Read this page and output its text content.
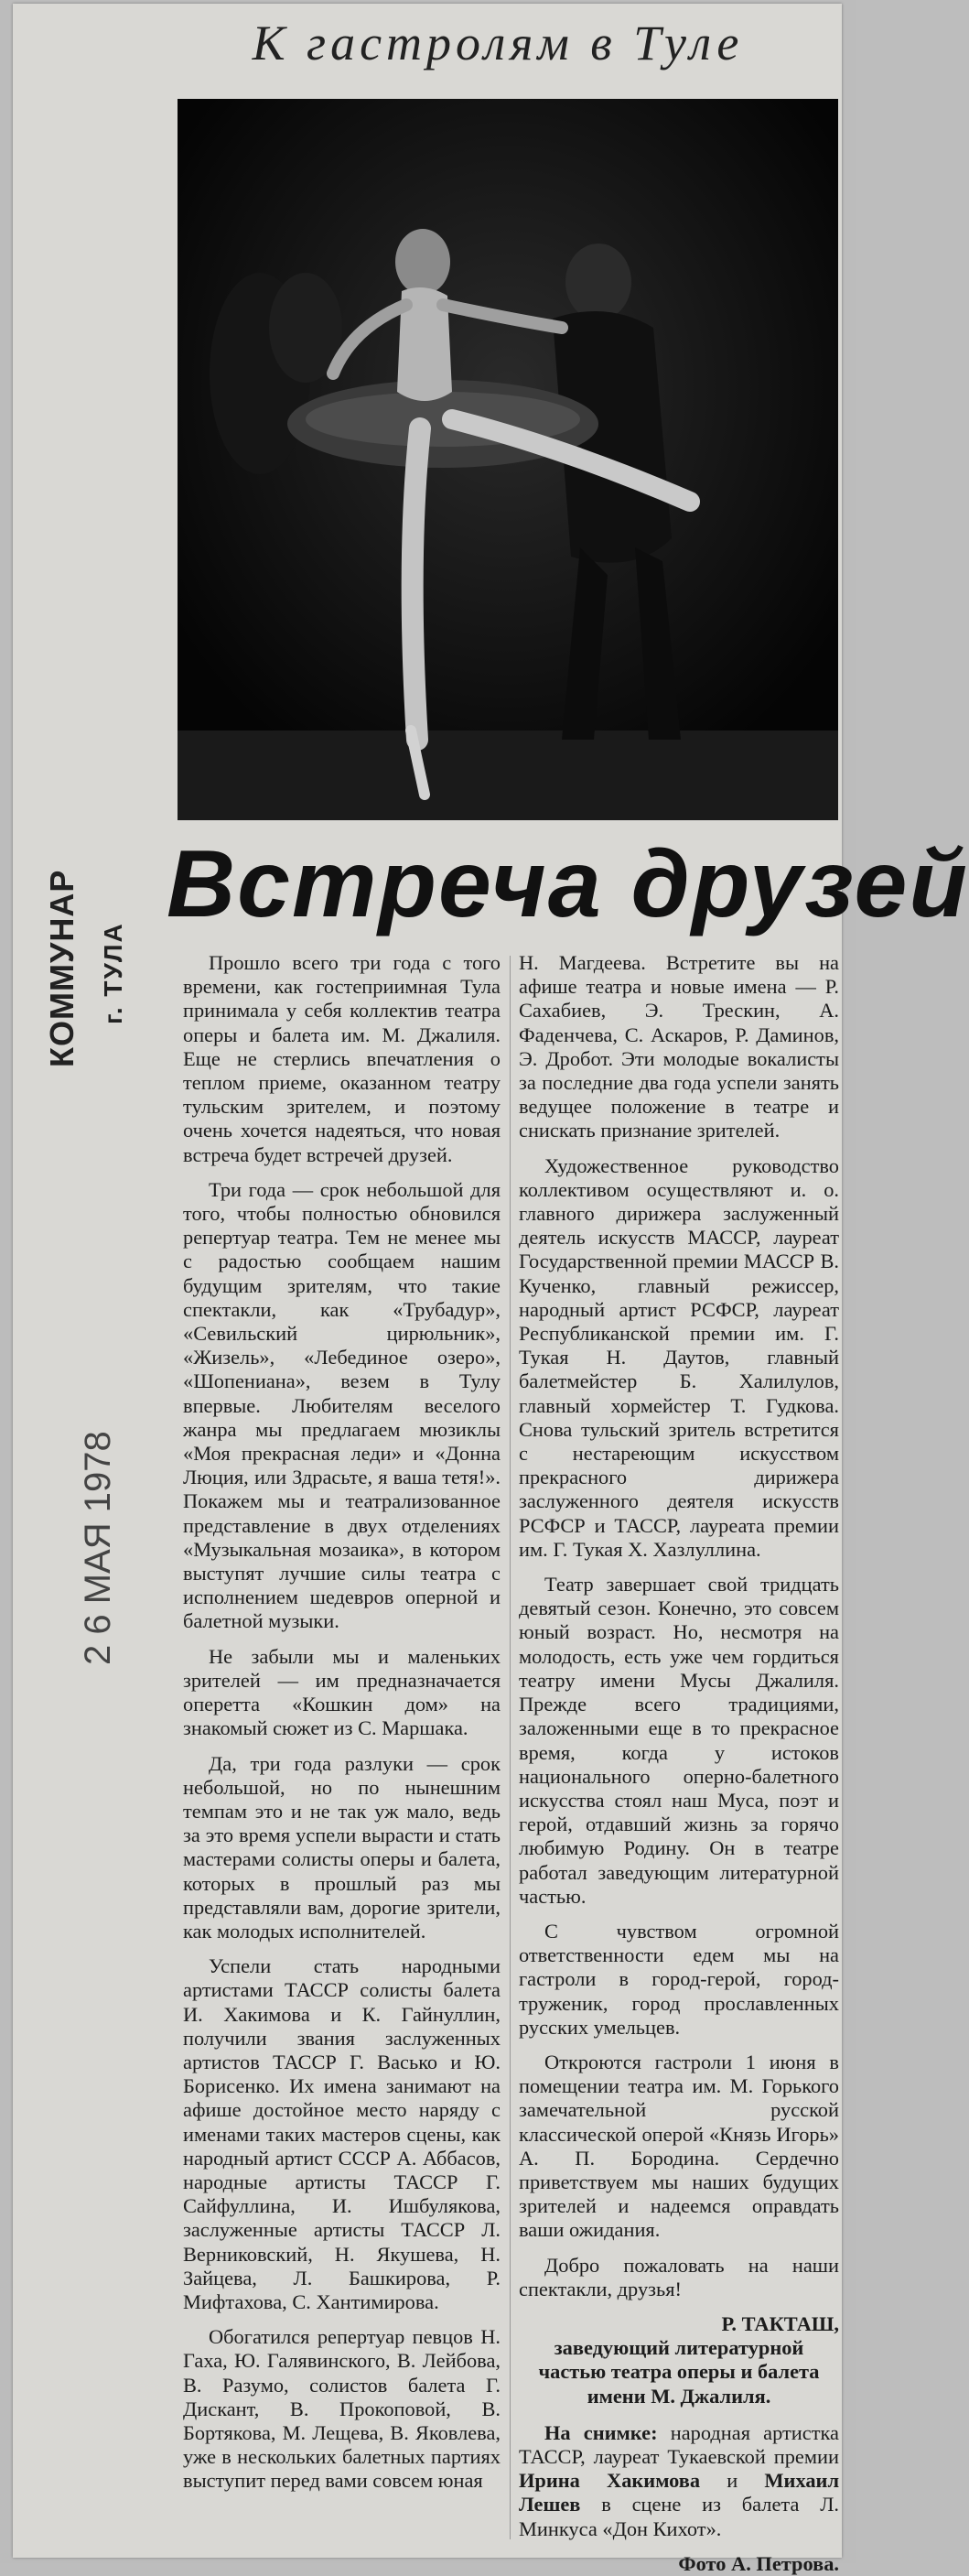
К гастролям в Туле
Встреча друзей
КОММУНАР г. ТУЛА
2 6 МАЯ 1978

Прошло всего три года с того времени, как гостеприимная Тула принимала у себя коллектив театра оперы и балета им. М. Джалиля. Еще не стерлись впечатления о теплом приеме, оказанном театру тульским зрителем, и поэтому очень хочется надеяться, что новая встреча будет встречей друзей.

Три года — срок небольшой для того, чтобы полностью обновился репертуар театра. Тем не менее мы с радостью сообщаем нашим будущим зрителям, что такие спектакли, как «Трубадур», «Севильский цирюльник», «Жизель», «Лебединое озеро», «Шопениана», везем в Тулу впервые. Любителям веселого жанра мы предлагаем мюзиклы «Моя прекрасная леди» и «Донна Люция, или Здрасьте, я ваша тетя!». Покажем мы и театрализованное представление в двух отделениях «Музыкальная мозаика», в котором выступят лучшие силы театра с исполнением шедевров оперной и балетной музыки.

Не забыли мы и маленьких зрителей — им предназначается оперетта «Кошкин дом» на знакомый сюжет из С. Маршака.

Да, три года разлуки — срок небольшой, но по нынешним темпам это и не так уж мало, ведь за это время успели вырасти и стать мастерами солисты оперы и балета, которых в прошлый раз мы представляли вам, дорогие зрители, как молодых исполнителей.

Успели стать народными артистами ТАССР солисты балета И. Хакимова и К. Гайнуллин, получили звания заслуженных артистов ТАССР Г. Васько и Ю. Борисенко. Их имена занимают на афише достойное место наряду с именами таких мастеров сцены, как народный артист СССР А. Аббасов, народные артисты ТАССР Г. Сайфуллина, И. Ишбулякова, заслуженные артисты ТАССР Л. Верниковский, Н. Якушева, Н. Зайцева, Л. Башкирова, Р. Мифтахова, С. Хантимирова.

Обогатился репертуар певцов Н. Гаха, Ю. Галявинского, В. Лейбова, В. Разумо, солистов балета Г. Дискант, В. Прокоповой, В. Бортякова, М. Лещева, В. Яковлева, уже в нескольких балетных партиях выступит перед вами совсем юная

Н. Магдеева. Встретите вы на афише театра и новые имена — Р. Сахабиев, Э. Трескин, А. Фаденчева, С. Аскаров, Р. Даминов, Э. Дробот. Эти молодые вокалисты за последние два года успели занять ведущее положение в театре и снискать признание зрителей.

Художественное руководство коллективом осуществляют и. о. главного дирижера заслуженный деятель искусств МАССР, лауреат Государственной премии МАССР В. Кученко, главный режиссер, народный артист РСФСР, лауреат Республиканской премии им. Г. Тукая Н. Даутов, главный балетмейстер Б. Халилулов, главный хормейстер Т. Гудкова. Снова тульский зритель встретится с нестареющим искусством прекрасного дирижера заслуженного деятеля искусств РСФСР и ТАССР, лауреата премии им. Г. Тукая Х. Хазлуллина.

Театр завершает свой тридцать девятый сезон. Конечно, это совсем юный возраст. Но, несмотря на молодость, есть уже чем гордиться театру имени Мусы Джалиля. Прежде всего традициями, заложенными еще в то прекрасное время, когда у истоков национального оперно-балетного искусства стоял наш Муса, поэт и герой, отдавший жизнь за горячо любимую Родину. Он в театре работал заведующим литературной частью.

С чувством огромной ответственности едем мы на гастроли в город-герой, город-труженик, город прославленных русских умельцев.

Откроются гастроли 1 июня в помещении театра им. М. Горького замечательной русской классической оперой «Князь Игорь» А. П. Бородина. Сердечно приветствуем мы наших будущих зрителей и надеемся оправдать ваши ожидания.

Добро пожаловать на наши спектакли, друзья!

Р. ТАКТАШ,

заведующий литературной частью театра оперы и балета имени М. Джалиля.

На снимке: народная артистка ТАССР, лауреат Тукаевской премии Ирина Хакимова и Михаил Лешев в сцене из балета Л. Минкуса «Дон Кихот».

Фото А. Петрова.
